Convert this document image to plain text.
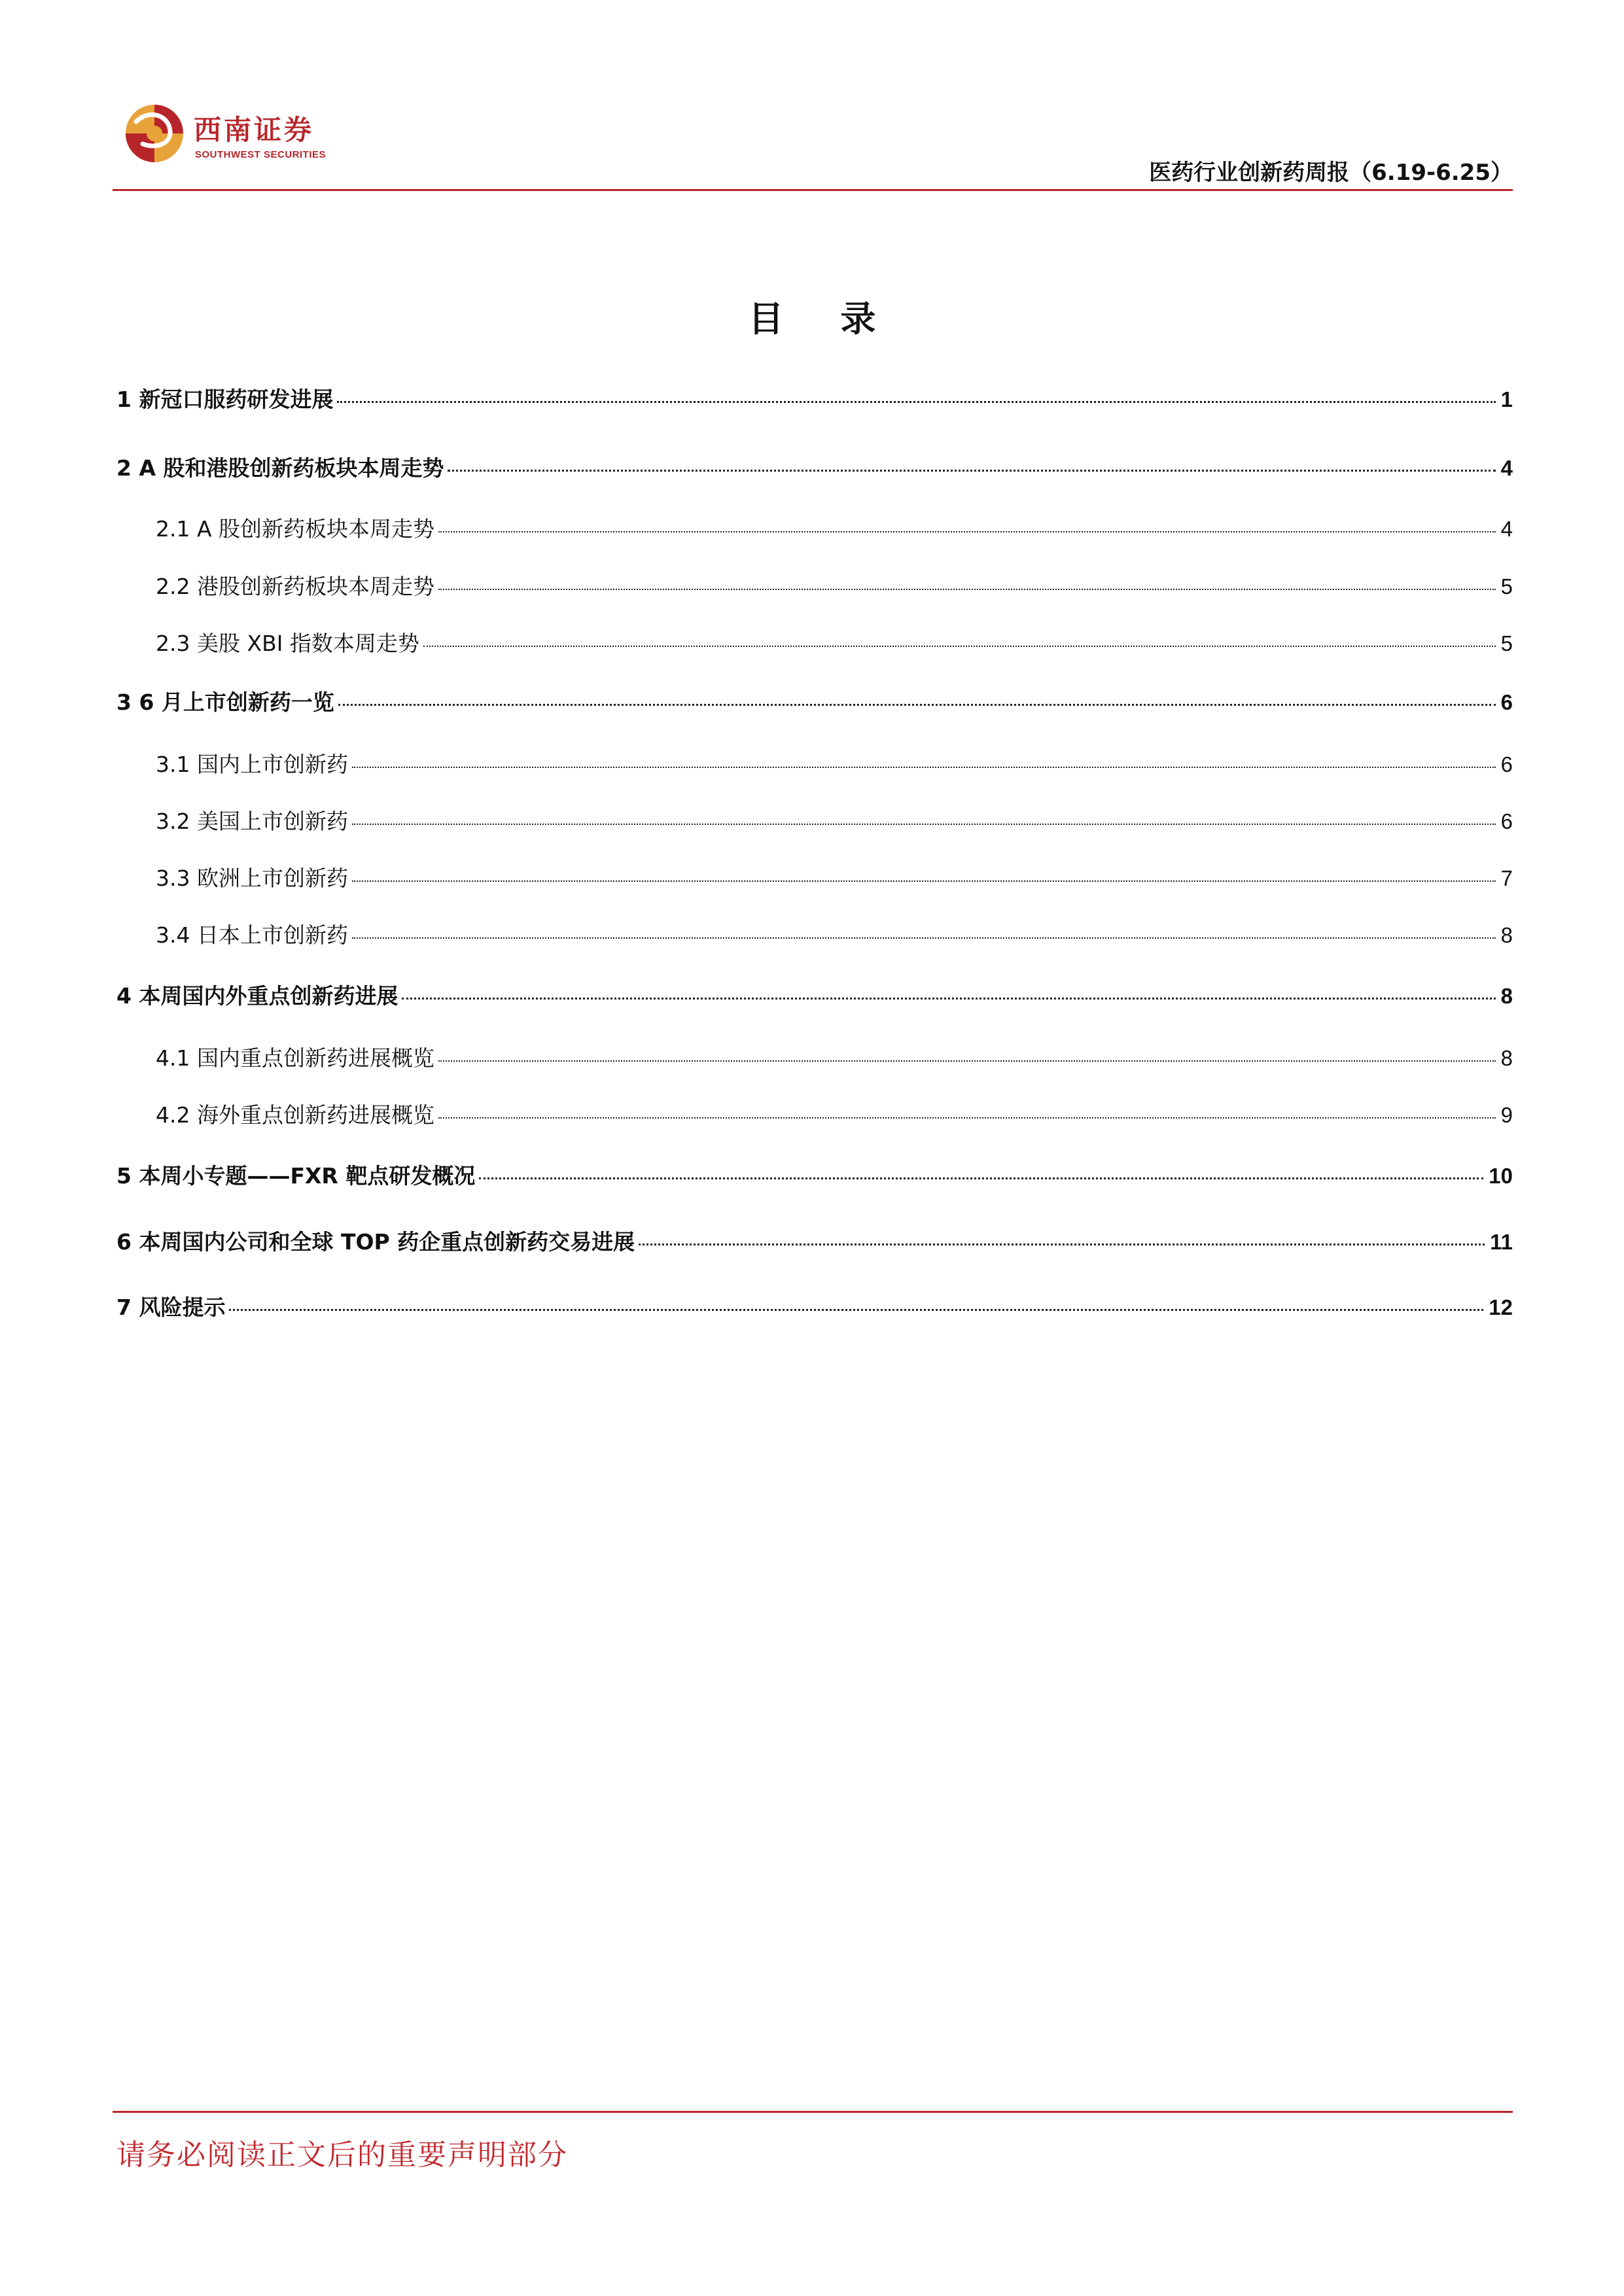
西南证券
SOUTHWEST SECURITIES
医药行业创新药周报（6.19-6.25）
目 录
1 新冠口服药研发进展	1
2 A 股和港股创新药板块本周走势	4
2.1 A 股创新药板块本周走势	4
2.2 港股创新药板块本周走势	5
2.3 美股 XBI 指数本周走势	5
3 6 月上市创新药一览	6
3.1 国内上市创新药	6
3.2 美国上市创新药	6
3.3 欧洲上市创新药	7
3.4 日本上市创新药	8
4 本周国内外重点创新药进展	8
4.1 国内重点创新药进展概览	8
4.2 海外重点创新药进展概览	9
5 本周小专题——FXR 靶点研发概况	10
6 本周国内公司和全球 TOP 药企重点创新药交易进展	11
7 风险提示	12
请务必阅读正文后的重要声明部分
